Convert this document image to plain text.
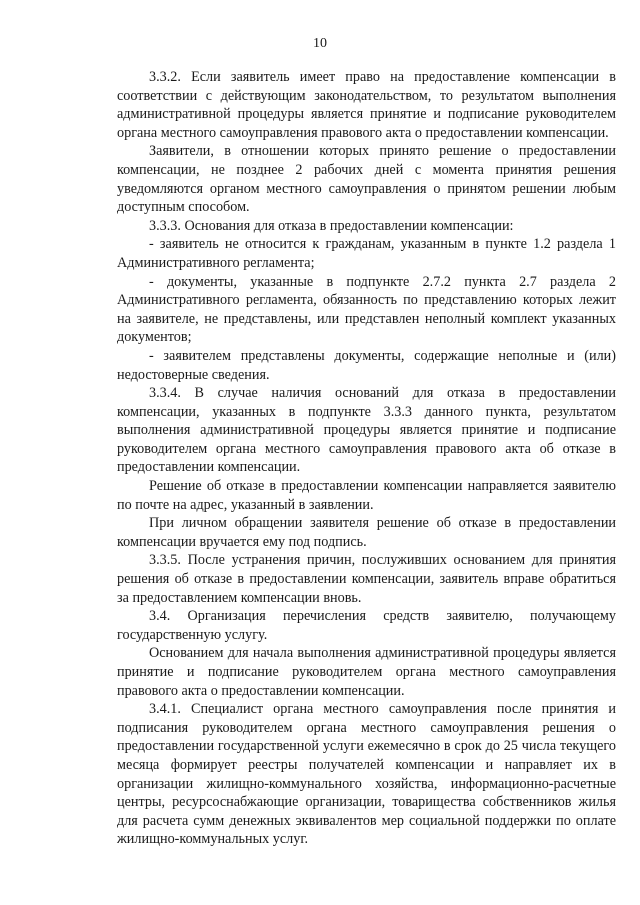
10

3.3.2. Если заявитель имеет право на предоставление компенсации в соответствии с действующим законодательством, то результатом выполнения административной процедуры является принятие и подписание руководителем органа местного самоуправления правового акта о предоставлении компенсации.

Заявители, в отношении которых принято решение о предоставлении компенсации, не позднее 2 рабочих дней с момента принятия решения уведомляются органом местного самоуправления о принятом решении любым доступным способом.

3.3.3. Основания для отказа в предоставлении компенсации:

- заявитель не относится к гражданам, указанным в пункте 1.2 раздела 1 Административного регламента;

- документы, указанные в подпункте 2.7.2 пункта 2.7 раздела 2 Административного регламента, обязанность по представлению которых лежит на заявителе, не представлены, или представлен неполный комплект указанных документов;

- заявителем представлены документы, содержащие неполные и (или) недостоверные сведения.

3.3.4. В случае наличия оснований для отказа в предоставлении компенсации, указанных в подпункте 3.3.3 данного пункта, результатом выполнения административной процедуры является принятие и подписание руководителем органа местного самоуправления правового акта об отказе в предоставлении компенсации.

Решение об отказе в предоставлении компенсации направляется заявителю по почте на адрес, указанный в заявлении.

При личном обращении заявителя решение об отказе в предоставлении компенсации вручается ему под подпись.

3.3.5. После устранения причин, послуживших основанием для принятия решения об отказе в предоставлении компенсации, заявитель вправе обратиться за предоставлением компенсации вновь.

3.4. Организация перечисления средств заявителю, получающему государственную услугу.

Основанием для начала выполнения административной процедуры является принятие и подписание руководителем органа местного самоуправления правового акта о предоставлении компенсации.

3.4.1. Специалист органа местного самоуправления после принятия и подписания руководителем органа местного самоуправления решения о предоставлении государственной услуги ежемесячно в срок до 25 числа текущего месяца формирует реестры получателей компенсации и направляет их в организации жилищно-коммунального хозяйства, информационно-расчетные центры, ресурсоснабжающие организации, товарищества собственников жилья для расчета сумм денежных эквивалентов мер социальной поддержки по оплате жилищно-коммунальных услуг.
